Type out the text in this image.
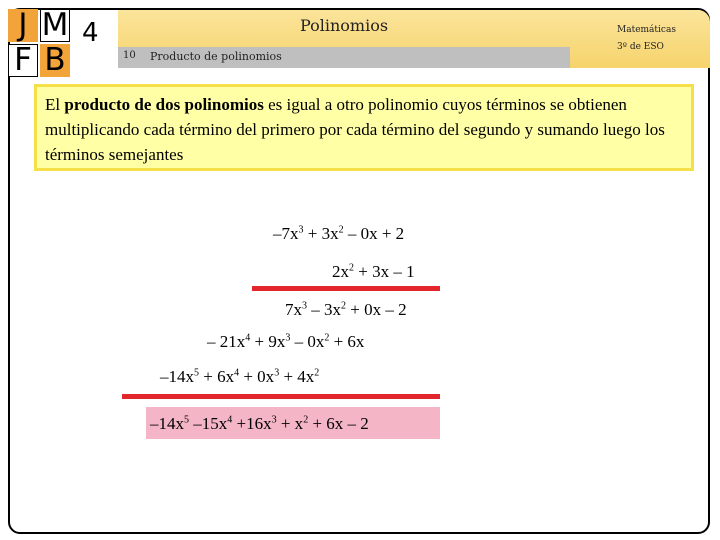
J M
F B
4	Polinomios
10 Producto de polinomios
Matemáticas
3º de ESO
El producto de dos polinomios es igual a otro polinomio cuyos términos se obtienen multiplicando cada término del primero por cada término del segundo y sumando luego los términos semejantes
$-7x^3 + 3x^2 - 0x + 2$
$2x^2 + 3x - 1$
$7x^3 - 3x^2 + 0x - 2$
– $21x^4 + 9x^3 - 0x^2 + 6x$
$-14x^5 + 6x^4 + 0x^3 + 4x^2$
$-14x^5$ $-15x^4 +16x^3 + x^2 + 6x - 2$
